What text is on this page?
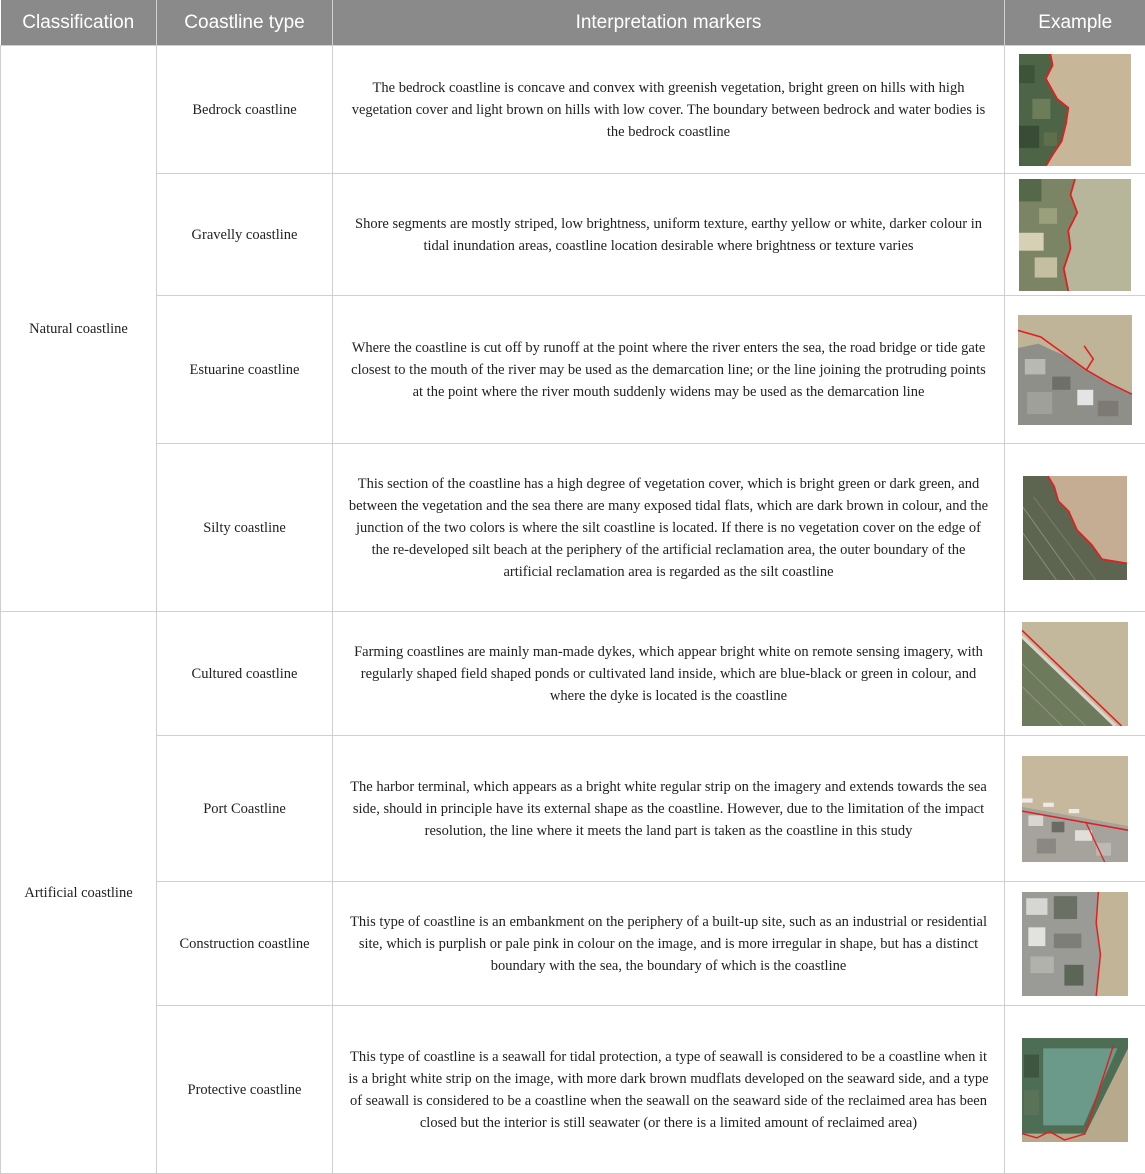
Classification	Coastline type	Interpretation markers	Example
Natural coastline	Bedrock coastline	The bedrock coastline is concave and convex with greenish vegetation, bright green on hills with high vegetation cover and light brown on hills with low cover. The boundary between bedrock and water bodies is the bedrock coastline	

	Gravelly coastline	Shore segments are mostly striped, low brightness, uniform texture, earthy yellow or white, darker colour in tidal inundation areas, coastline location desirable where brightness or texture varies	

	Estuarine coastline	Where the coastline is cut off by runoff at the point where the river enters the sea, the road bridge or tide gate closest to the mouth of the river may be used as the demarcation line; or the line joining the protruding points at the point where the river mouth suddenly widens may be used as the demarcation line	

	Silty coastline	This section of the coastline has a high degree of vegetation cover, which is bright green or dark green, and between the vegetation and the sea there are many exposed tidal flats, which are dark brown in colour, and the junction of the two colors is where the silt coastline is located. If there is no vegetation cover on the edge of the re-developed silt beach at the periphery of the artificial reclamation area, the outer boundary of the artificial reclamation area is regarded as the silt coastline	

Artificial coastline	Cultured coastline	Farming coastlines are mainly man-made dykes, which appear bright white on remote sensing imagery, with regularly shaped field shaped ponds or cultivated land inside, which are blue-black or green in colour, and where the dyke is located is the coastline	

	Port Coastline	The harbor terminal, which appears as a bright white regular strip on the imagery and extends towards the sea side, should in principle have its external shape as the coastline. However, due to the limitation of the impact resolution, the line where it meets the land part is taken as the coastline in this study	

	Construction coastline	This type of coastline is an embankment on the periphery of a built-up site, such as an industrial or residential site, which is purplish or pale pink in colour on the image, and is more irregular in shape, but has a distinct boundary with the sea, the boundary of which is the coastline	

	Protective coastline	This type of coastline is a seawall for tidal protection, a type of seawall is considered to be a coastline when it is a bright white strip on the image, with more dark brown mudflats developed on the seaward side, and a type of seawall is considered to be a coastline when the seawall on the seaward side of the reclaimed area has been closed but the interior is still seawater (or there is a limited amount of reclaimed area)	
